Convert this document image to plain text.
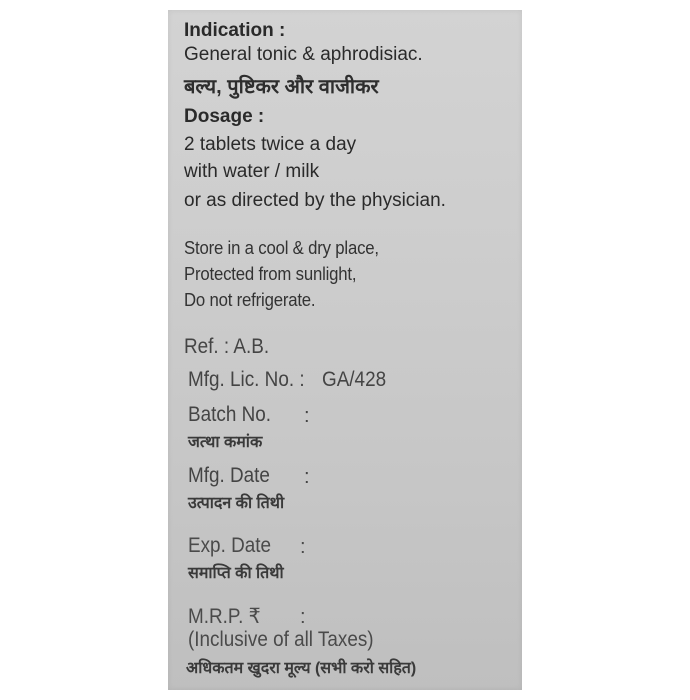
Indication :
General tonic & aphrodisiac.
बल्य, पुष्टिकर और वाजीकर
Dosage :
2 tablets twice a day
with water / milk
or as directed by the physician.
Store in a cool & dry place,
Protected from sunlight,
Do not refrigerate.
Ref. : A.B.
Mfg. Lic. No. : GA/428
Batch No. :
जत्था कमांक
Mfg. Date :
उत्पादन की तिथी
Exp. Date :
समाप्ति की तिथी
M.R.P. ₹ :
(Inclusive of all Taxes)
अधिकतम खुदरा मूल्य (सभी करो सहित)
